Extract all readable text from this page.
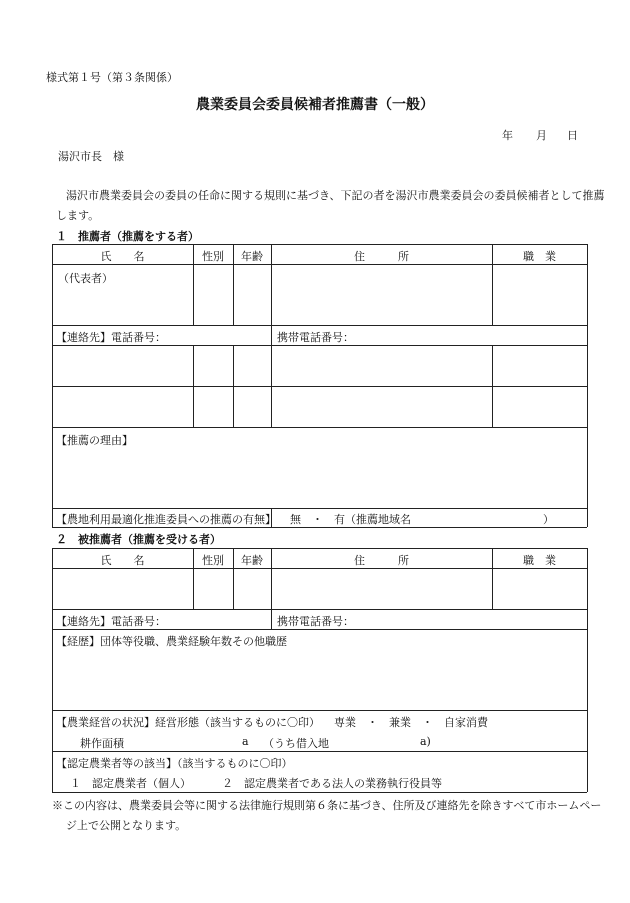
様式第１号（第３条関係）
農業委員会委員候補者推薦書（一般）
年 月 日
湯沢市長　様
湯沢市農業委員会の委員の任命に関する規則に基づき、下記の者を湯沢市農業委員会の委員候補者として推薦
します。
１　推薦者（推薦をする者）
氏　　名	性別	年齢	住　　　所	職　業
（代表者）
【連絡先】電話番号：	携帯電話番号：
【推薦の理由】
【農地利用最適化推進委員への推薦の有無】 無　・　有（推薦地域名　　　　　　　　　　　　）
２　被推薦者（推薦を受ける者）
氏　　名	性別	年齢	住　　　所	職　業
【連絡先】電話番号：	携帯電話番号：
【経歴】団体等役職、農業経験年数その他職歴
【農業経営の状況】経営形態（該当するものに〇印） 専業　・　兼業　・　自家消費
耕作面積	a （うち借入地	a)
【認定農業者等の該当】（該当するものに〇印）
１　認定農業者（個人）	２　認定農業者である法人の業務執行役員等
※この内容は、農業委員会等に関する法律施行規則第６条に基づき、住所及び連絡先を除きすべて市ホームペー
ジ上で公開となります。
